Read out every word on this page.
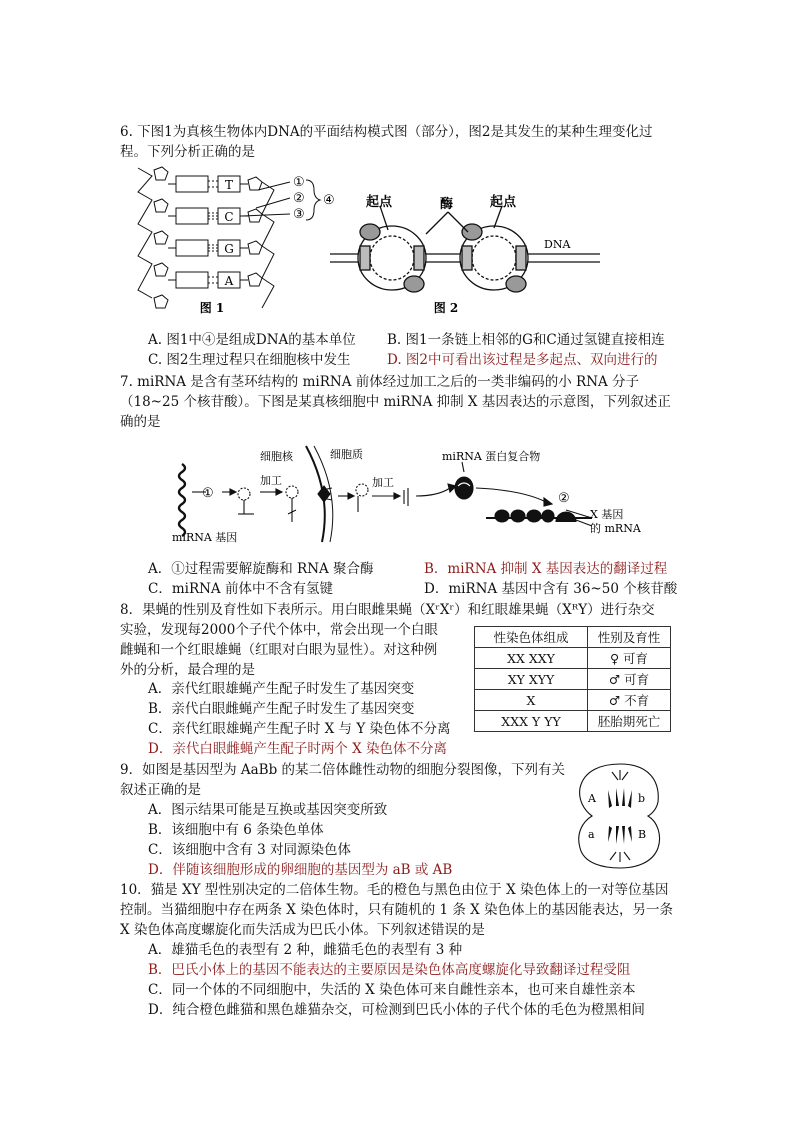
6. 下图1为真核生物体内DNA的平面结构模式图（部分），图2是其发生的某种生理变化过
程。下列分析正确的是
T
C
G
A
①
②
③
④
图 1
起点	酶	起点
DNA
图 2
A. 图1中④是组成DNA的基本单位 B. 图1一条链上相邻的G和C通过氢键直接相连
C. 图2生理过程只在细胞核中发生	D. 图2中可看出该过程是多起点、双向进行的
7. miRNA 是含有茎环结构的 miRNA 前体经过加工之后的一类非编码的小 RNA 分子
（18~25 个核苷酸）。下图是某真核细胞中 miRNA 抑制 X 基因表达的示意图，下列叙述正
确的是
①
加工
细胞核	细胞质
加工
miRNA 蛋白复合物
②
X 基因
的 mRNA
miRNA 基因
A．①过程需要解旋酶和 RNA 聚合酶	B．miRNA 抑制 X 基因表达的翻译过程
C．miRNA 前体中不含有氢键	D．miRNA 基因中含有 36~50 个核苷酸
8．果蝇的性别及育性如下表所示。用白眼雌果蝇（XʳXʳ）和红眼雄果蝇（XᴿY）进行杂交
实验，发现每2000个子代个体中，常会出现一个白眼
雌蝇和一个红眼雄蝇（红眼对白眼为显性）。对这种例
外的分析，最合理的是
性染色体组成	性别及育性
XX XXY	♀ 可育
XY XYY	♂ 可育
X	♂ 不育
XXX Y YY	胚胎期死亡
A．亲代红眼雄蝇产生配子时发生了基因突变
B．亲代白眼雌蝇产生配子时发生了基因突变
C．亲代红眼雄蝇产生配子时 X 与 Y 染色体不分离
D．亲代白眼雌蝇产生配子时两个 X 染色体不分离
9．如图是基因型为 AaBb 的某二倍体雌性动物的细胞分裂图像，下列有关
叙述正确的是
A	b
a	B
A．图示结果可能是互换或基因突变所致
B．该细胞中有 6 条染色单体
C．该细胞中含有 3 对同源染色体
D．伴随该细胞形成的卵细胞的基因型为 aB 或 AB
10．猫是 XY 型性别决定的二倍体生物。毛的橙色与黑色由位于 X 染色体上的一对等位基因
控制。当猫细胞中存在两条 X 染色体时，只有随机的 1 条 X 染色体上的基因能表达，另一条
X 染色体高度螺旋化而失活成为巴氏小体。下列叙述错误的是
A．雄猫毛色的表型有 2 种，雌猫毛色的表型有 3 种
B．巴氏小体上的基因不能表达的主要原因是染色体高度螺旋化导致翻译过程受阻
C．同一个体的不同细胞中，失活的 X 染色体可来自雌性亲本，也可来自雄性亲本
D．纯合橙色雌猫和黑色雄猫杂交，可检测到巴氏小体的子代个体的毛色为橙黑相间
